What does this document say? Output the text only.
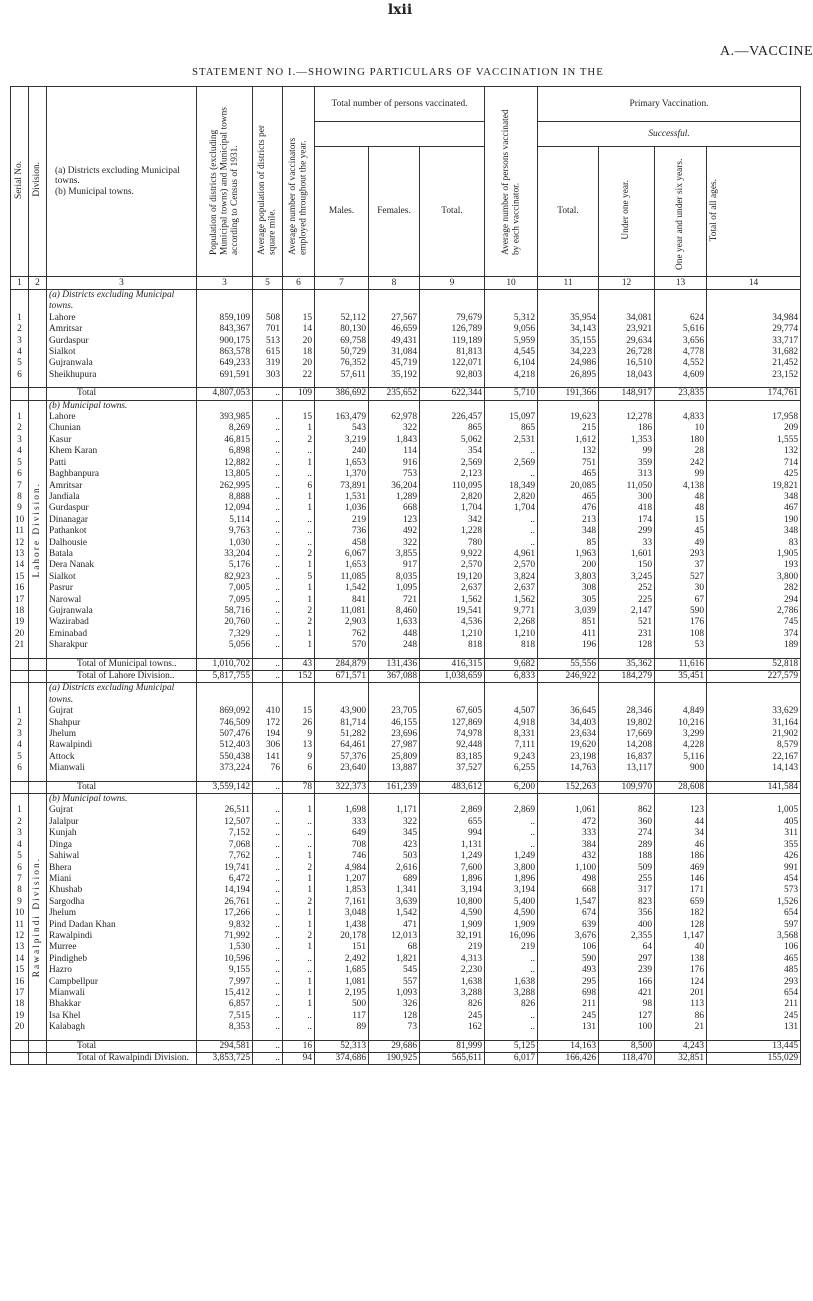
lxii
A.—VACCINE
STATEMENT NO I.—SHOWING PARTICULARS OF VACCINATION IN THE
Serial No.	Division.	(a) Districts excluding Municipal towns.
(b) Municipal towns.	Population of districts (excluding Municipal towns) and Municipal towns according to Census of 1931.	Average population of districts per square mile.	Average number of vaccinators employed throughout the year.	Total number of persons vaccinated.			Average number of persons vaccinated by each vaccinator.	Primary Vaccination.			
										Successful.			
						Males.	Females.	Total.		Total.	Under one year.	One year and under six years.	Total of all ages.
1	2	3	3	5	6	7	8	9	10	11	12	13	14
		(a) Districts excluding Municipal towns.											
1		Lahore	859,109	508	15	52,112	27,567	79,679	5,312	35,954	34,081	624	34,984
2		Amritsar	843,367	701	14	80,130	46,659	126,789	9,056	34,143	23,921	5,616	29,774
3		Gurdaspur	900,175	513	20	69,758	49,431	119,189	5,959	35,155	29,634	3,656	33,717
4		Sialkot	863,578	615	18	50,729	31,084	81,813	4,545	34,223	26,728	4,778	31,682
5		Gujranwala	649,233	319	20	76,352	45,719	122,071	6,104	24,986	16,510	4,552	21,452
6		Sheikhupura	691,591	303	22	57,611	35,192	92,803	4,218	26,895	18,043	4,609	23,152

		Total	4,807,053	..	109	386,692	235,652	622,344	5,710	191,366	148,917	23,835	174,761
		(b) Municipal towns.											
1	Lahore Division.	Lahore	393,985	..	15	163,479	62,978	226,457	15,097	19,623	12,278	4,833	17,958
2		Chunian	8,269	..	1	543	322	865	865	215	186	10	209
3		Kasur	46,815	..	2	3,219	1,843	5,062	2,531	1,612	1,353	180	1,555
4		Khem Karan	6,898	..	..	240	114	354	..	132	99	28	132
5		Patti	12,882	..	1	1,653	916	2,569	2,569	751	359	242	714
6		Baghbanpura	13,805	..	..	1,370	753	2,123	..	465	313	99	425
7		Amritsar	262,995	..	6	73,891	36,204	110,095	18,349	20,085	11,050	4,138	19,821
8		Jandiala	8,888	..	1	1,531	1,289	2,820	2,820	465	300	48	348
9		Gurdaspur	12,094	..	1	1,036	668	1,704	1,704	476	418	48	467
10		Dinanagar	5,114	..	..	219	123	342	..	213	174	15	190
11		Pathankot	9,763	..	..	736	492	1,228	..	348	299	45	348
12		Dalhousie	1,030	..	..	458	322	780	..	85	33	49	83
13		Batala	33,204	..	2	6,067	3,855	9,922	4,961	1,963	1,601	293	1,905
14		Dera Nanak	5,176	..	1	1,653	917	2,570	2,570	200	150	37	193
15		Sialkot	82,923	..	5	11,085	8,035	19,120	3,824	3,803	3,245	527	3,800
16		Pasrur	7,005	..	1	1,542	1,095	2,637	2,637	308	252	30	282
17		Narowal	7,095	..	1	841	721	1,562	1,562	305	225	67	294
18		Gujranwala	58,716	..	2	11,081	8,460	19,541	9,771	3,039	2,147	590	2,786
19		Wazirabad	20,760	..	2	2,903	1,633	4,536	2,268	851	521	176	745
20		Eminabad	7,329	..	1	762	448	1,210	1,210	411	231	108	374
21		Sharakpur	5,056	..	1	570	248	818	818	196	128	53	189

		Total of Municipal towns..	1,010,702	..	43	284,879	131,436	416,315	9,682	55,556	35,362	11,616	52,818
		Total of Lahore Division..	5,817,755	..	152	671,571	367,088	1,038,659	6,833	246,922	184,279	35,451	227,579
		(a) Districts excluding Municipal towns.											
1		Gujrat	869,092	410	15	43,900	23,705	67,605	4,507	36,645	28,346	4,849	33,629
2		Shahpur	746,509	172	26	81,714	46,155	127,869	4,918	34,403	19,802	10,216	31,164
3		Jhelum	507,476	194	9	51,282	23,696	74,978	8,331	23,634	17,669	3,299	21,902
4		Rawalpindi	512,403	306	13	64,461	27,987	92,448	7,111	19,620	14,208	4,228	8,579
5		Attock	550,438	141	9	57,376	25,809	83,185	9,243	23,198	16,837	5,116	22,167
6		Mianwali	373,224	76	6	23,640	13,887	37,527	6,255	14,763	13,117	900	14,143

		Total	3,559,142	..	78	322,373	161,239	483,612	6,200	152,263	109,970	28,608	141,584
		(b) Municipal towns.											
1	Rawalpindi Division.	Gujrat	26,511	..	1	1,698	1,171	2,869	2,869	1,061	862	123	1,005
2		Jalalpur	12,507	..	..	333	322	655	..	472	360	44	405
3		Kunjah	7,152	..	..	649	345	994	..	333	274	34	311
4		Dinga	7,068	..	..	708	423	1,131	..	384	289	46	355
5		Sahiwal	7,762	..	1	746	503	1,249	1,249	432	188	186	426
6		Bhera	19,741	..	2	4,984	2,616	7,600	3,800	1,100	509	469	991
7		Miani	6,472	..	1	1,207	689	1,896	1,896	498	255	146	454
8		Khushab	14,194	..	1	1,853	1,341	3,194	3,194	668	317	171	573
9		Sargodha	26,761	..	2	7,161	3,639	10,800	5,400	1,547	823	659	1,526
10		Jhelum	17,266	..	1	3,048	1,542	4,590	4,590	674	356	182	654
11		Pind Dadan Khan	9,832	..	1	1,438	471	1,909	1,909	639	400	128	597
12		Rawalpindi	71,992	..	2	20,178	12,013	32,191	16,096	3,676	2,355	1,147	3,568
13		Murree	1,530	..	1	151	68	219	219	106	64	40	106
14		Pindigheb	10,596	..	..	2,492	1,821	4,313	..	590	297	138	465
15		Hazro	9,155	..	..	1,685	545	2,230	..	493	239	176	485
16		Campbellpur	7,997	..	1	1,081	557	1,638	1,638	295	166	124	293
17		Mianwali	15,412	..	1	2,195	1,093	3,288	3,288	698	421	201	654
18		Bhakkar	6,857	..	1	500	326	826	826	211	98	113	211
19		Isa Khel	7,515	..	..	117	128	245	..	245	127	86	245
20		Kalabagh	8,353	..	..	89	73	162	..	131	100	21	131

		Total	294,581	..	16	52,313	29,686	81,999	5,125	14,163	8,500	4,243	13,445
		Total of Rawalpindi Division.	3,853,725	..	94	374,686	190,925	565,611	6,017	166,426	118,470	32,851	155,029
